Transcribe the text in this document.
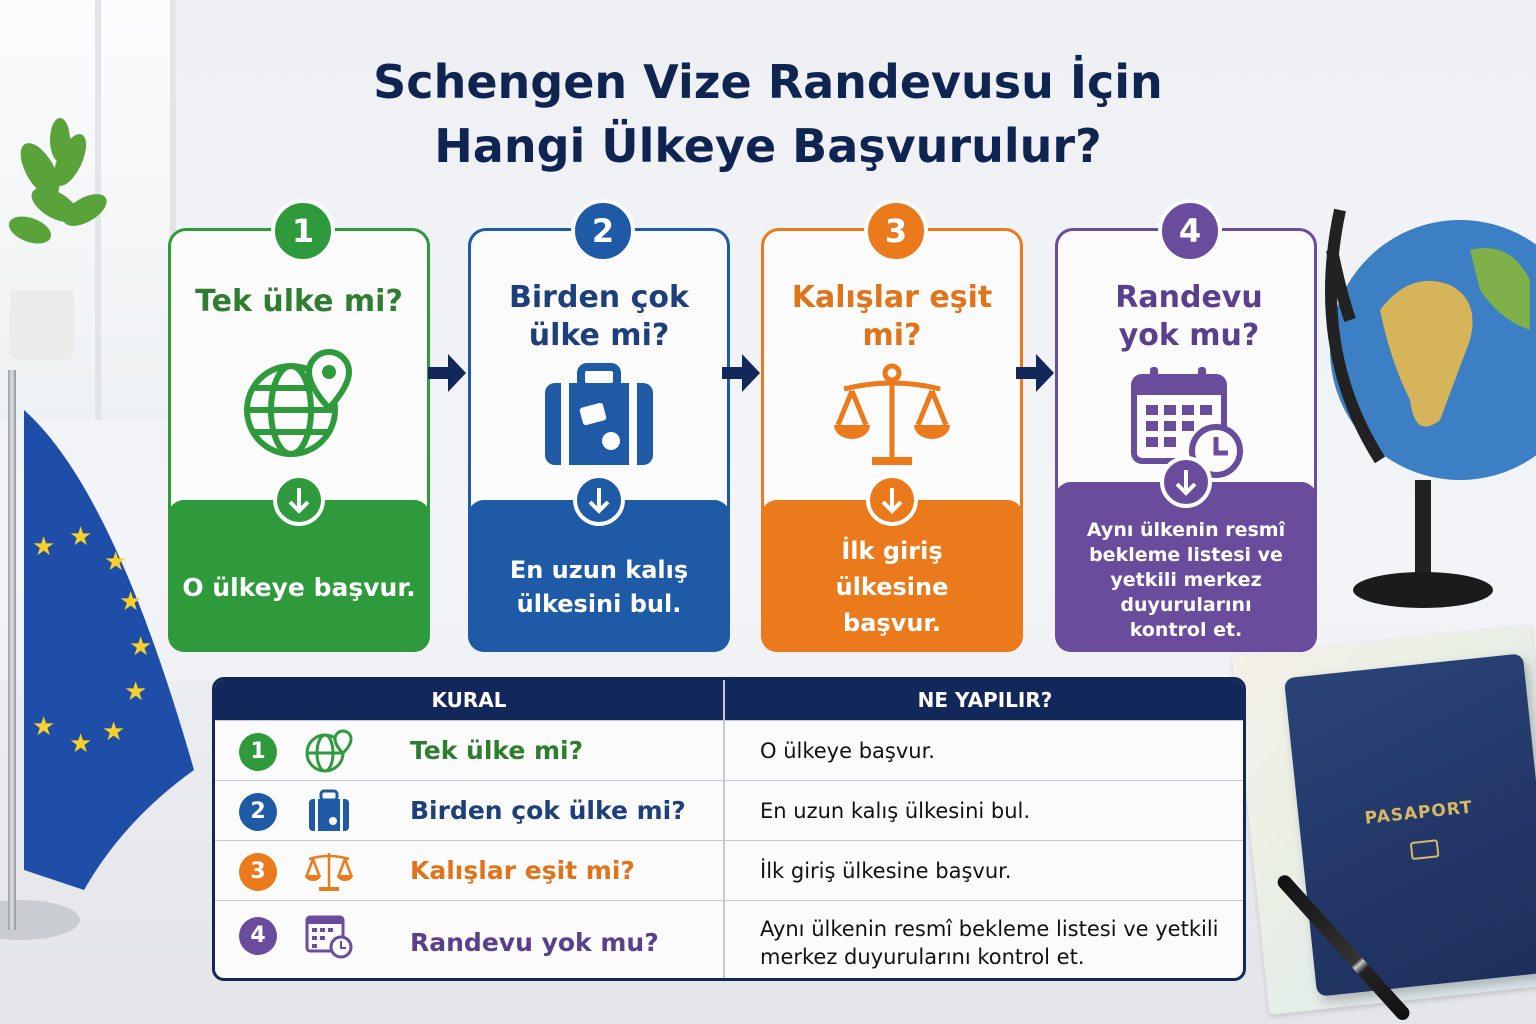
★ ★
★
★
★
★
★
★
★
PASAPORT
Schengen Vize Randevusu İçin
Hangi Ülkeye Başvurulur?
1
Tek ülke mi?
O ülkeye başvur.
2
Birden çok ülke mi?
En uzun kalış ülkesini bul.
3
Kalışlar eşit mi?
İlk giriş ülkesine başvur.
4
Randevu yok mu?
Aynı ülkenin resmî bekleme listesi ve yetkili merkez duyurularını kontrol et.
KURAL	NE YAPILIR?
1	Tek ülke mi?	O ülkeye başvur.
2	Birden çok ülke mi?	En uzun kalış ülkesini bul.
3	Kalışlar eşit mi?	İlk giriş ülkesine başvur.
4	Randevu yok mu?	Aynı ülkenin resmî bekleme listesi ve yetkili merkez duyurularını kontrol et.
